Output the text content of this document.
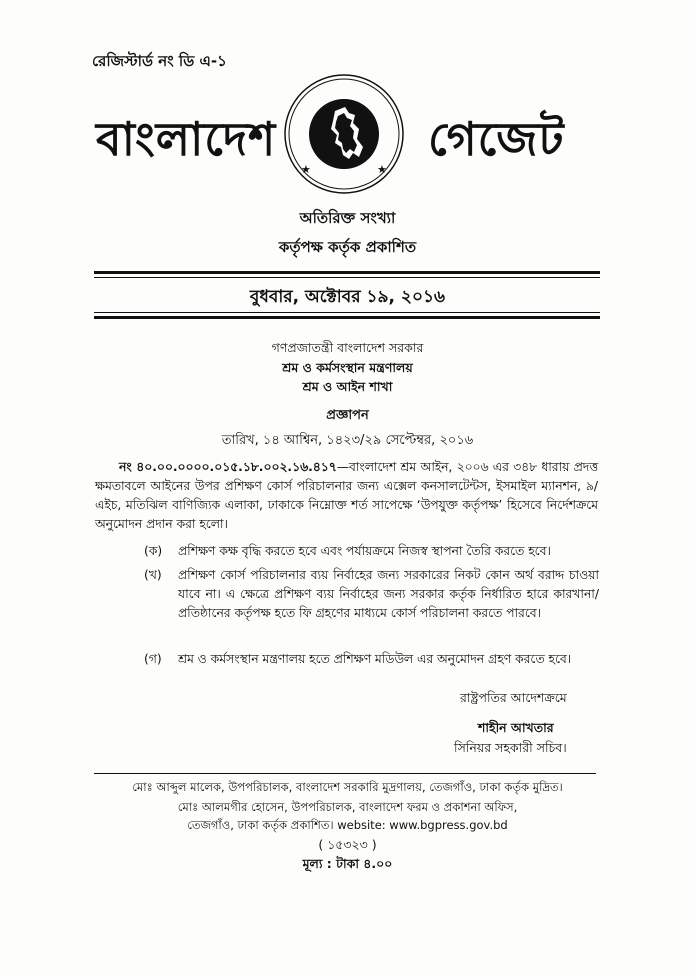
রেজিস্টার্ড নং ডি এ-১
বাংলাদেশ
★	★
গেজেট
অতিরিক্ত সংখ্যা
কর্তৃপক্ষ কর্তৃক প্রকাশিত
বুধবার, অক্টোবর ১৯, ২০১৬
গণপ্রজাতন্ত্রী বাংলাদেশ সরকার
শ্রম ও কর্মসংস্থান মন্ত্রণালয়
শ্রম ও আইন শাখা
প্রজ্ঞাপন
তারিখ, ১৪ আশ্বিন, ১৪২৩/২৯ সেপ্টেম্বর, ২০১৬
নং ৪০.০০.০০০০.০১৫.১৮.০০২.১৬.৪১৭—বাংলাদেশ শ্রম আইন, ২০০৬ এর ৩৪৮ ধারায় প্রদত্ত ক্ষমতাবলে আইনের উপর প্রশিক্ষণ কোর্স পরিচালনার জন্য এক্সেল কনসালটেন্টস, ইসমাইল ম্যানশন, ৯/এইচ, মতিঝিল বাণিজ্যিক এলাকা, ঢাকাকে নিম্নোক্ত শর্ত সাপেক্ষে ‘উপযুক্ত কর্তৃপক্ষ’ হিসেবে নির্দেশক্রমে অনুমোদন প্রদান করা হলো।
(ক) প্রশিক্ষণ কক্ষ বৃদ্ধি করতে হবে এবং পর্যায়ক্রমে নিজস্ব স্থাপনা তৈরি করতে হবে।
(খ) প্রশিক্ষণ কোর্স পরিচালনার ব্যয় নির্বাহের জন্য সরকারের নিকট কোন অর্থ বরাদ্দ চাওয়া যাবে না। এ ক্ষেত্রে প্রশিক্ষণ ব্যয় নির্বাহের জন্য সরকার কর্তৃক নির্ধারিত হারে কারখানা/প্রতিষ্ঠানের কর্তৃপক্ষ হতে ফি গ্রহণের মাধ্যমে কোর্স পরিচালনা করতে পারবে।
(গ) শ্রম ও কর্মসংস্থান মন্ত্রণালয় হতে প্রশিক্ষণ মডিউল এর অনুমোদন গ্রহণ করতে হবে।
রাষ্ট্রপতির আদেশক্রমে
শাহীন আখতার
সিনিয়র সহকারী সচিব।
মোঃ আব্দুল মালেক, উপপরিচালক, বাংলাদেশ সরকারি মুদ্রণালয়, তেজগাঁও, ঢাকা কর্তৃক মুদ্রিত।
মোঃ আলমগীর হোসেন, উপপরিচালক, বাংলাদেশ ফরম ও প্রকাশনা অফিস,
তেজগাঁও, ঢাকা কর্তৃক প্রকাশিত। website: www.bgpress.gov.bd
( ১৫৩২৩ )
মূল্য : টাকা ৪.০০
